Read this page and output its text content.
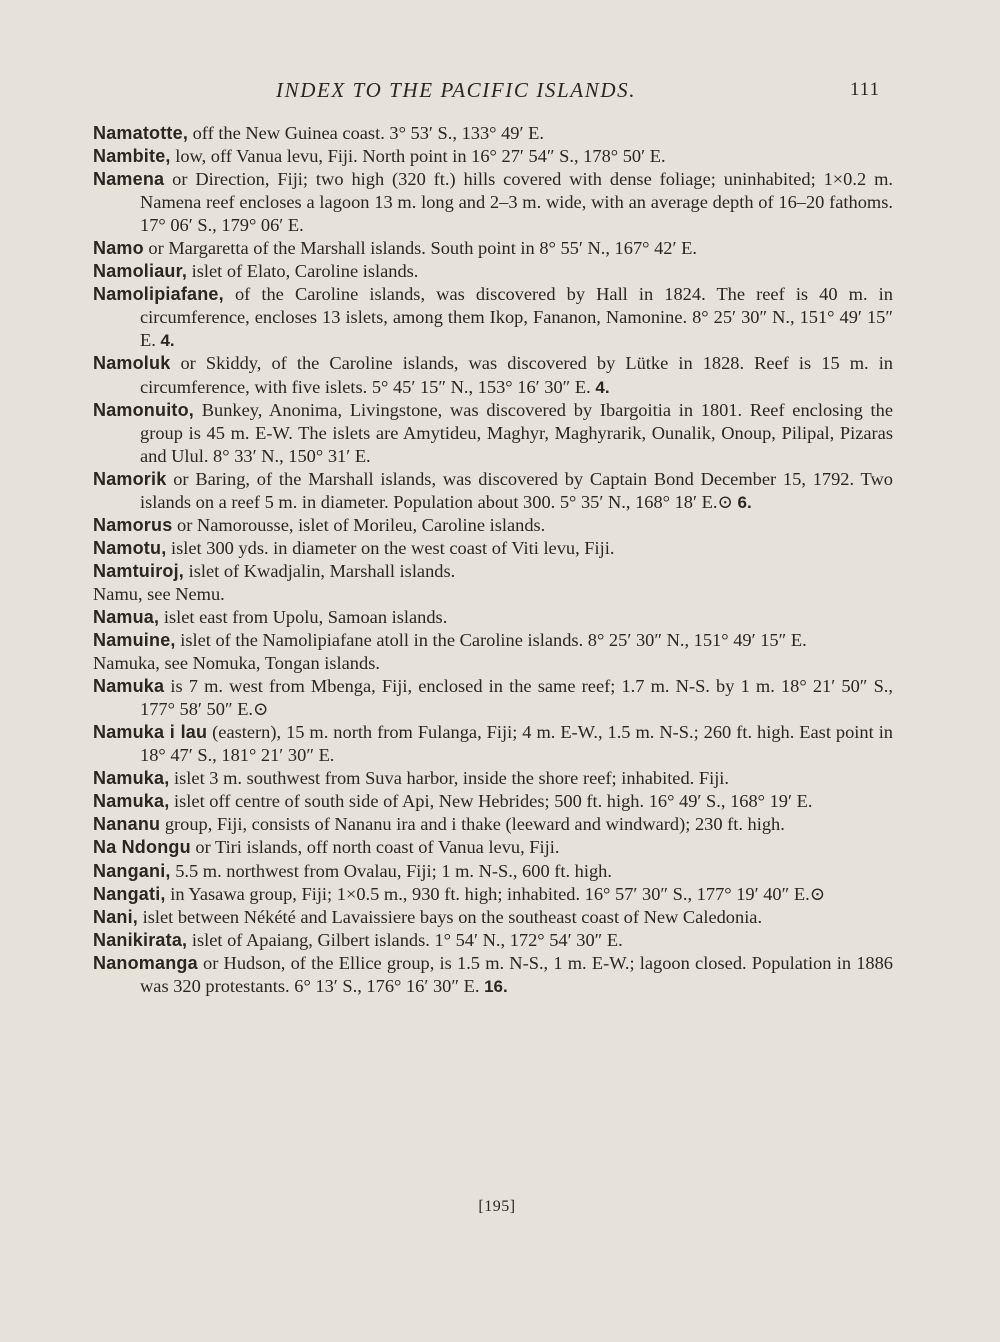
INDEX TO THE PACIFIC ISLANDS.	111
Namatotte, off the New Guinea coast. 3° 53′ S., 133° 49′ E.
Nambite, low, off Vanua levu, Fiji. North point in 16° 27′ 54″ S., 178° 50′ E.
Namena or Direction, Fiji; two high (320 ft.) hills covered with dense foliage; uninhabited; 1×0.2 m. Namena reef encloses a lagoon 13 m. long and 2–3 m. wide, with an average depth of 16–20 fathoms. 17° 06′ S., 179° 06′ E.
Namo or Margaretta of the Marshall islands. South point in 8° 55′ N., 167° 42′ E.
Namoliaur, islet of Elato, Caroline islands.
Namolipiafane, of the Caroline islands, was discovered by Hall in 1824. The reef is 40 m. in circumference, encloses 13 islets, among them Ikop, Fananon, Namonine. 8° 25′ 30″ N., 151° 49′ 15″ E. 4.
Namoluk or Skiddy, of the Caroline islands, was discovered by Lütke in 1828. Reef is 15 m. in circumference, with five islets. 5° 45′ 15″ N., 153° 16′ 30″ E. 4.
Namonuito, Bunkey, Anonima, Livingstone, was discovered by Ibargoitia in 1801. Reef enclosing the group is 45 m. E-W. The islets are Amytideu, Maghyr, Maghyrarik, Ounalik, Onoup, Pilipal, Pizaras and Ulul. 8° 33′ N., 150° 31′ E.
Namorik or Baring, of the Marshall islands, was discovered by Captain Bond December 15, 1792. Two islands on a reef 5 m. in diameter. Population about 300. 5° 35′ N., 168° 18′ E.⊙ 6.
Namorus or Namorousse, islet of Morileu, Caroline islands.
Namotu, islet 300 yds. in diameter on the west coast of Viti levu, Fiji.
Namtuiroj, islet of Kwadjalin, Marshall islands.
Namu, see Nemu.
Namua, islet east from Upolu, Samoan islands.
Namuine, islet of the Namolipiafane atoll in the Caroline islands. 8° 25′ 30″ N., 151° 49′ 15″ E.
Namuka, see Nomuka, Tongan islands.
Namuka is 7 m. west from Mbenga, Fiji, enclosed in the same reef; 1.7 m. N-S. by 1 m. 18° 21′ 50″ S., 177° 58′ 50″ E.⊙
Namuka i lau (eastern), 15 m. north from Fulanga, Fiji; 4 m. E-W., 1.5 m. N-S.; 260 ft. high. East point in 18° 47′ S., 181° 21′ 30″ E.
Namuka, islet 3 m. southwest from Suva harbor, inside the shore reef; inhabited. Fiji.
Namuka, islet off centre of south side of Api, New Hebrides; 500 ft. high. 16° 49′ S., 168° 19′ E.
Nananu group, Fiji, consists of Nananu ira and i thake (leeward and windward); 230 ft. high.
Na Ndongu or Tiri islands, off north coast of Vanua levu, Fiji.
Nangani, 5.5 m. northwest from Ovalau, Fiji; 1 m. N-S., 600 ft. high.
Nangati, in Yasawa group, Fiji; 1×0.5 m., 930 ft. high; inhabited. 16° 57′ 30″ S., 177° 19′ 40″ E.⊙
Nani, islet between Nékété and Lavaissiere bays on the southeast coast of New Caledonia.
Nanikirata, islet of Apaiang, Gilbert islands. 1° 54′ N., 172° 54′ 30″ E.
Nanomanga or Hudson, of the Ellice group, is 1.5 m. N-S., 1 m. E-W.; lagoon closed. Population in 1886 was 320 protestants. 6° 13′ S., 176° 16′ 30″ E. 16.
[195]
